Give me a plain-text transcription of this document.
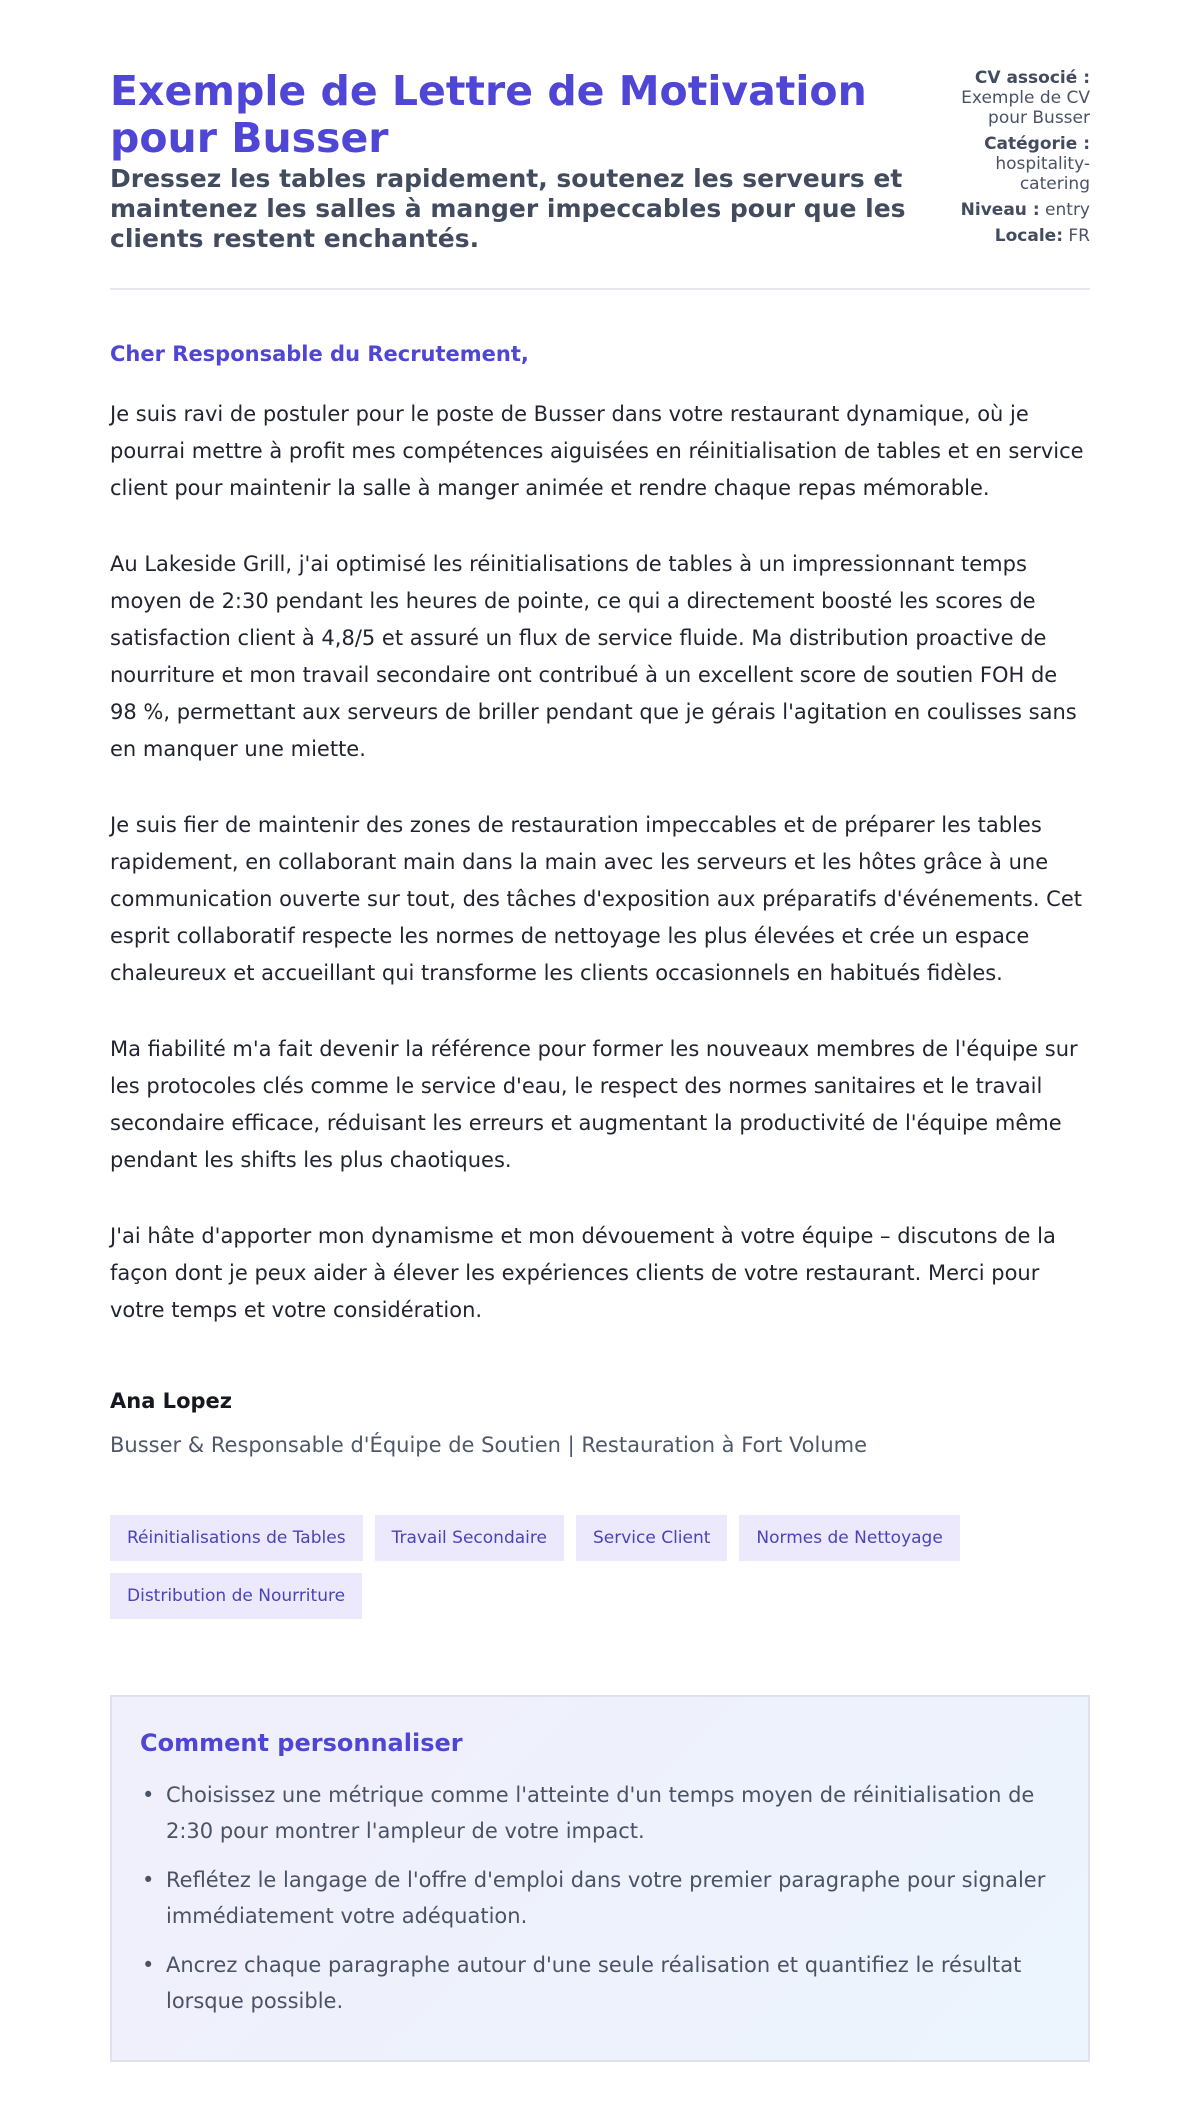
Exemple de Lettre de Motivation pour Busser
Dressez les tables rapidement, soutenez les serveurs et maintenez les salles à manger impeccables pour que les clients restent enchantés.
CV associé :
Exemple de CV pour Busser
Catégorie :
hospitality-catering
Niveau : entry
Locale: FR

Cher Responsable du Recrutement,

Je suis ravi de postuler pour le poste de Busser dans votre restaurant dynamique, où je pourrai mettre à profit mes compétences aiguisées en réinitialisation de tables et en service client pour maintenir la salle à manger animée et rendre chaque repas mémorable.

Au Lakeside Grill, j'ai optimisé les réinitialisations de tables à un impressionnant temps moyen de 2:30 pendant les heures de pointe, ce qui a directement boosté les scores de satisfaction client à 4,8/5 et assuré un flux de service fluide. Ma distribution proactive de nourriture et mon travail secondaire ont contribué à un excellent score de soutien FOH de 98 %, permettant aux serveurs de briller pendant que je gérais l'agitation en coulisses sans en manquer une miette.

Je suis fier de maintenir des zones de restauration impeccables et de préparer les tables rapidement, en collaborant main dans la main avec les serveurs et les hôtes grâce à une communication ouverte sur tout, des tâches d'exposition aux préparatifs d'événements. Cet esprit collaboratif respecte les normes de nettoyage les plus élevées et crée un espace chaleureux et accueillant qui transforme les clients occasionnels en habitués fidèles.

Ma fiabilité m'a fait devenir la référence pour former les nouveaux membres de l'équipe sur les protocoles clés comme le service d'eau, le respect des normes sanitaires et le travail secondaire efficace, réduisant les erreurs et augmentant la productivité de l'équipe même pendant les shifts les plus chaotiques.

J'ai hâte d'apporter mon dynamisme et mon dévouement à votre équipe – discutons de la façon dont je peux aider à élever les expériences clients de votre restaurant. Merci pour votre temps et votre considération.

Ana Lopez
Busser & Responsable d'Équipe de Soutien | Restauration à Fort Volume
Réinitialisations de Tables	Travail Secondaire	Service Client	Normes de Nettoyage
Distribution de Nourriture
Comment personnaliser
• Choisissez une métrique comme l'atteinte d'un temps moyen de réinitialisation de 2:30 pour montrer l'ampleur de votre impact.
• Reflétez le langage de l'offre d'emploi dans votre premier paragraphe pour signaler immédiatement votre adéquation.
• Ancrez chaque paragraphe autour d'une seule réalisation et quantifiez le résultat lorsque possible.
